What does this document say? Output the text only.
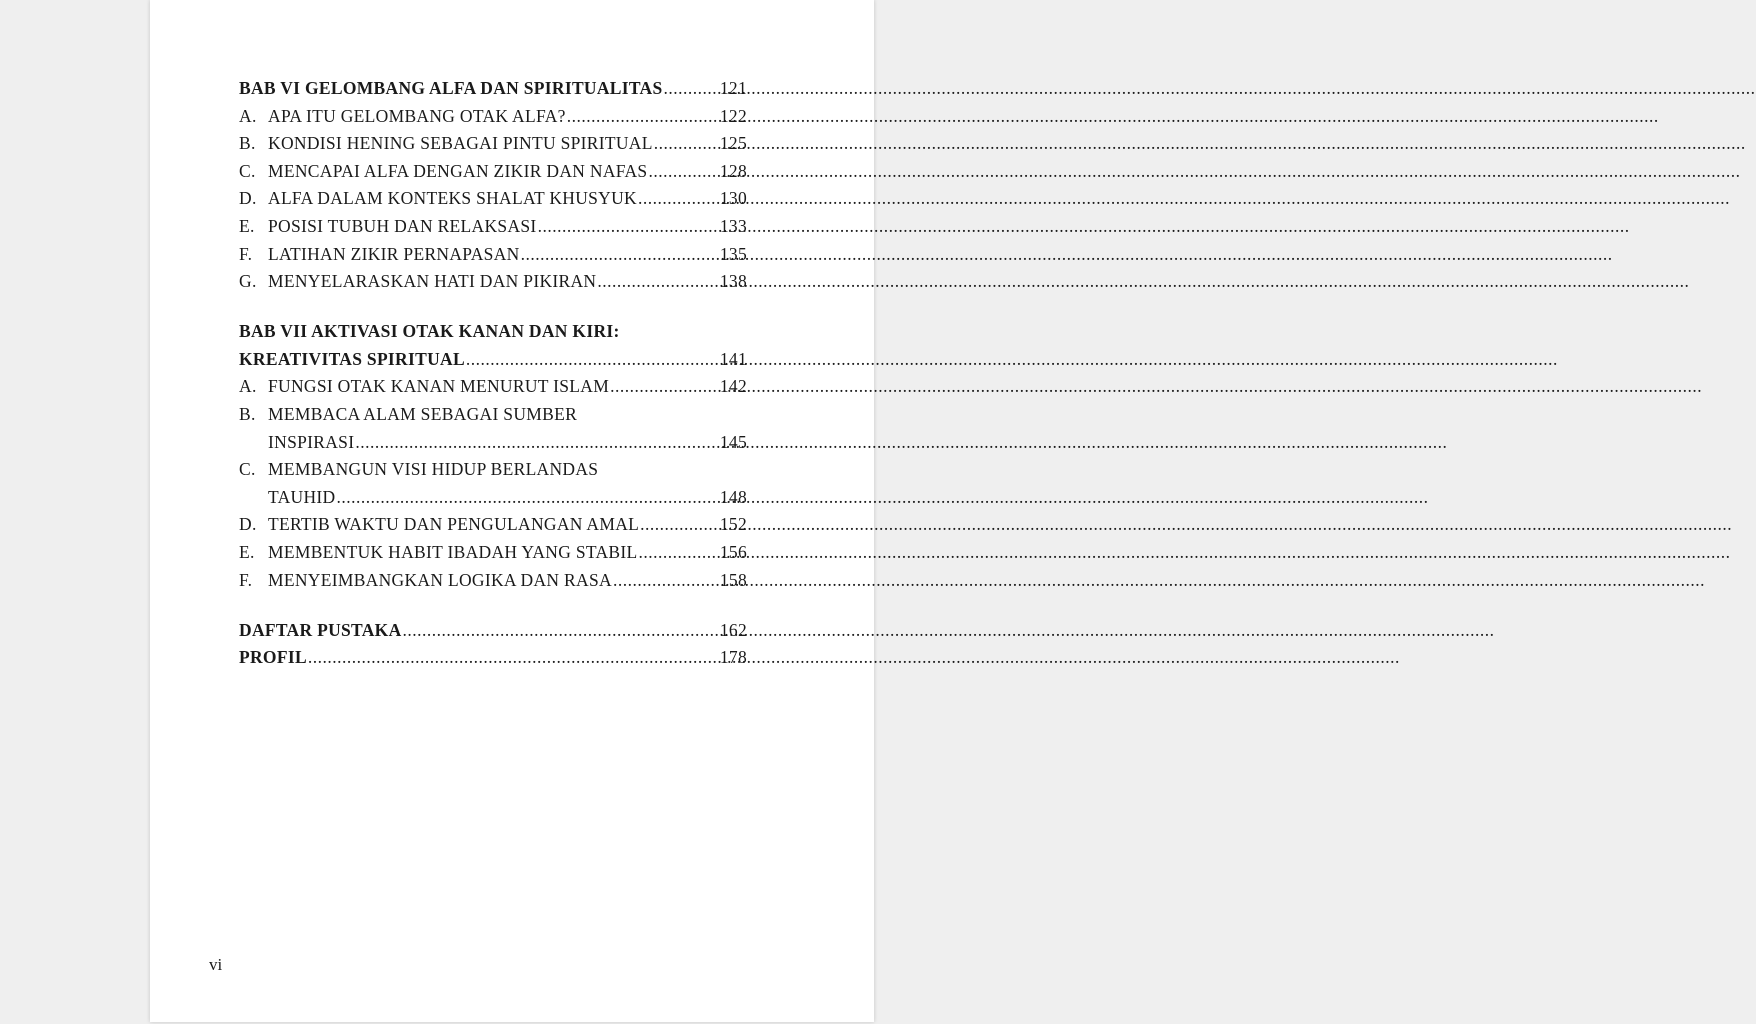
BAB VI GELOMBANG ALFA DAN SPIRITUALITAS .....	121
A. APA ITU GELOMBANG OTAK ALFA? .....	122
B. KONDISI HENING SEBAGAI PINTU SPIRITUAL .....	125
C. MENCAPAI ALFA DENGAN ZIKIR DAN NAFAS .....	128
D. ALFA DALAM KONTEKS SHALAT KHUSYUK .....	130
E. POSISI TUBUH DAN RELAKSASI .....	133
F. LATIHAN ZIKIR PERNAPASAN .....	135
G. MENYELARASKAN HATI DAN PIKIRAN .....	138
BAB VII AKTIVASI OTAK KANAN DAN KIRI:
KREATIVITAS SPIRITUAL .....	141
A. FUNGSI OTAK KANAN MENURUT ISLAM .....	142
B. MEMBACA ALAM SEBAGAI SUMBER
INSPIRASI .....	145
C. MEMBANGUN VISI HIDUP BERLANDAS
TAUHID .....	148
D. TERTIB WAKTU DAN PENGULANGAN AMAL .....	152
E. MEMBENTUK HABIT IBADAH YANG STABIL .....	156
F. MENYEIMBANGKAN LOGIKA DAN RASA .....	158
DAFTAR PUSTAKA .....	162
PROFIL .....	178
vi
